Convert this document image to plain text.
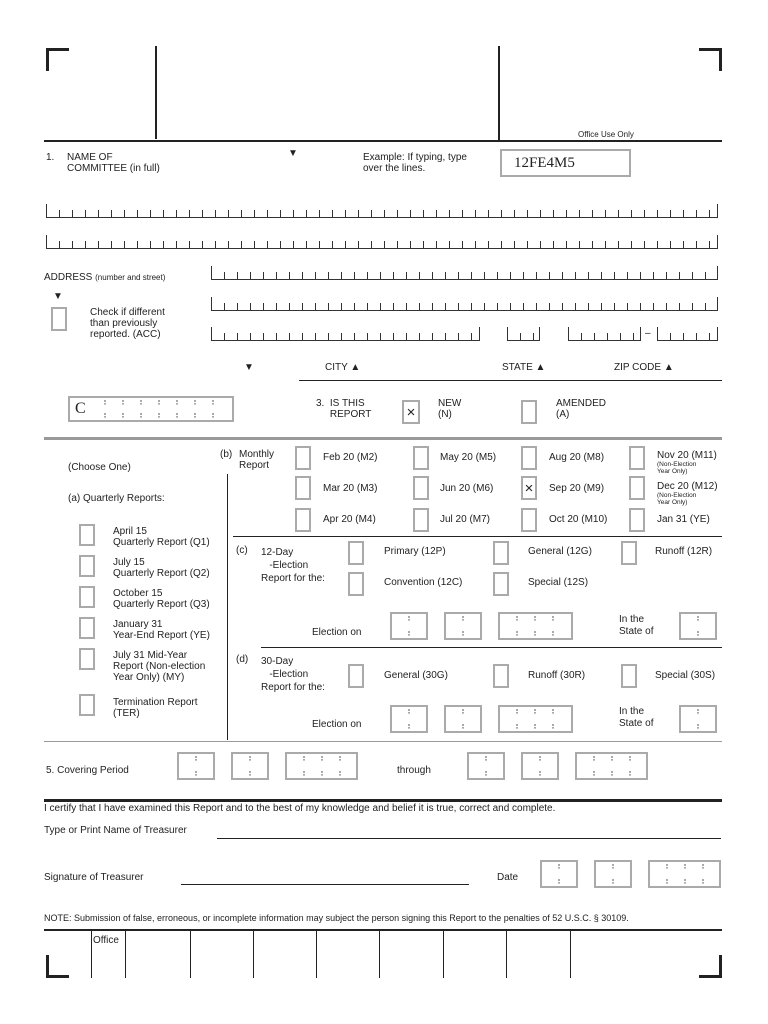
Office Use Only
1. NAME OF
COMMITTEE (in full)
▼	Example: If typing, type
over the lines.	12FE4M5
ADDRESS (number and street)
▼
Check if different
than previously
reported. (ACC)	–
▼	CITY ▲	STATE ▲	ZIP CODE ▲
C	3.  IS THIS
REPORT	×
NEW
(N)
AMENDED
(A)
(Choose One)
(a) Quarterly Reports:
April 15
Quarterly Report (Q1)
July 15
Quarterly Report (Q2)
October 15
Quarterly Report (Q3)
January 31
Year-End Report (YE)
July 31 Mid-Year
Report (Non-election
Year Only) (MY)
Termination Report
(TER)
(b) Monthly
Report
Feb 20 (M2)	May 20 (M5)	Aug 20 (M8)	Nov 20 (M11)
(Non-Election
Year Only)
Mar 20 (M3)	Jun 20 (M6) ×	Sep 20 (M9)	Dec 20 (M12)
(Non-Election
Year Only)
Apr 20 (M4)	Jul 20 (M7)	Oct 20 (M10)	Jan 31 (YE)
(c) 12-Day
-Election
Report for the:
Primary (12P)	General (12G)	Runoff (12R)
Convention (12C)	Special (12S)
Election on
In the
State of
(d) 30-Day
-Election
Report for the:
General (30G)	Runoff (30R)	Special (30S)
Election on
In the
State of
5. Covering Period	through
I certify that I have examined this Report and to the best of my knowledge and belief it is true, correct and complete.
Type or Print Name of Treasurer
Signature of Treasurer	Date
NOTE: Submission of false, erroneous, or incomplete information may subject the person signing this Report to the penalties of 52 U.S.C. § 30109.
Office
